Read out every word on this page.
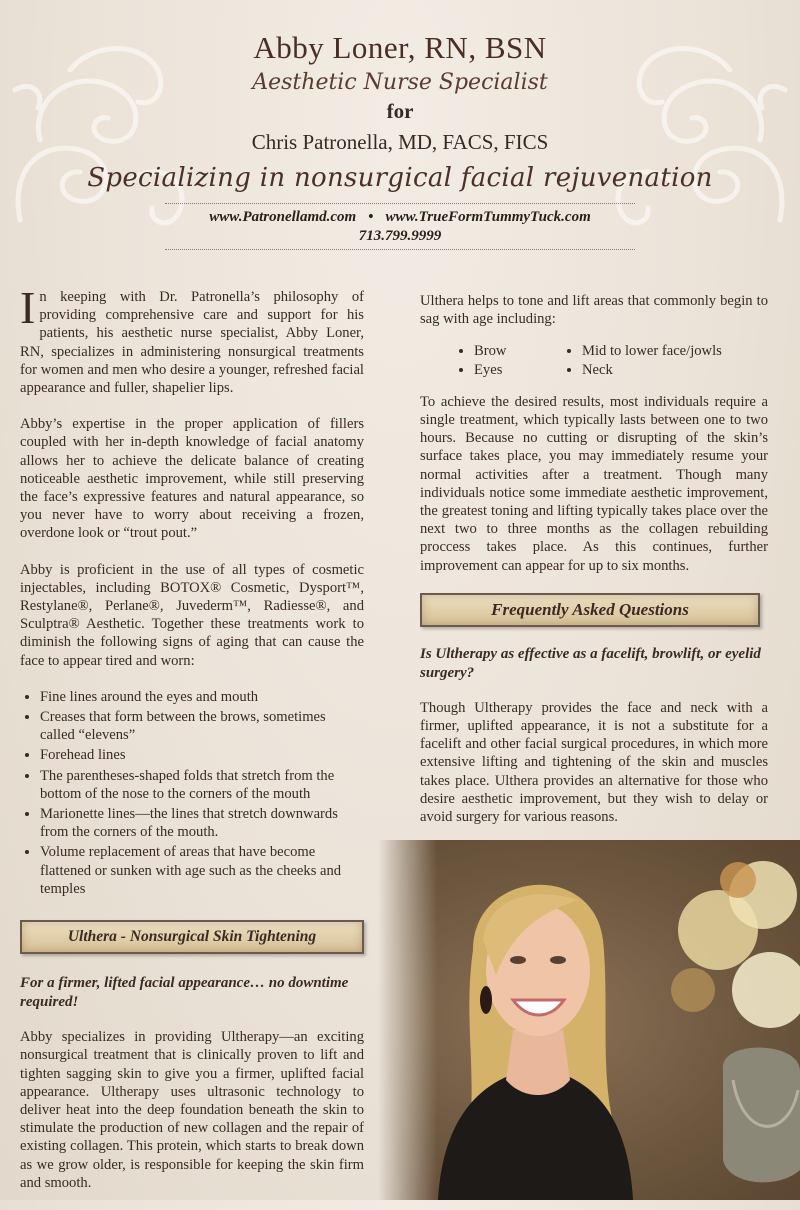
Abby Loner, RN, BSN
Aesthetic Nurse Specialist
for
Chris Patronella, MD, FACS, FICS
Specializing in nonsurgical facial rejuvenation
www.Patronellamd.com • www.TrueFormTummyTuck.com
713.799.9999

In keeping with Dr. Patronella’s philosophy of providing comprehensive care and support for his patients, his aesthetic nurse specialist, Abby Loner, RN, specializes in administering nonsurgical treatments for women and men who desire a younger, refreshed facial appearance and fuller, shapelier lips.

Abby’s expertise in the proper application of fillers coupled with her in-depth knowledge of facial anatomy allows her to achieve the delicate balance of creating noticeable aesthetic improvement, while still preserving the face’s expressive features and natural appearance, so you never have to worry about receiving a frozen, overdone look or “trout pout.”

Abby is proficient in the use of all types of cosmetic injectables, including BOTOX® Cosmetic, Dysport™, Restylane®, Perlane®, Juvederm™, Radiesse®, and Sculptra® Aesthetic. Together these treatments work to diminish the following signs of aging that can cause the face to appear tired and worn:

• Fine lines around the eyes and mouth
• Creases that form between the brows, sometimes called “elevens”
• Forehead lines
• The parentheses-shaped folds that stretch from the bottom of the nose to the corners of the mouth
• Marionette lines—the lines that stretch downwards from the corners of the mouth.
• Volume replacement of areas that have become flattened or sunken with age such as the cheeks and temples
Ulthera - Nonsurgical Skin Tightening
For a firmer, lifted facial appearance… no downtime required!

Abby specializes in providing Ultherapy—an exciting nonsurgical treatment that is clinically proven to lift and tighten sagging skin to give you a firmer, uplifted facial appearance. Ultherapy uses ultrasonic technology to deliver heat into the deep foundation beneath the skin to stimulate the production of new collagen and the repair of existing collagen. This protein, which starts to break down as we grow older, is responsible for keeping the skin firm and smooth.

Ulthera helps to tone and lift areas that commonly begin to sag with age including:

• Brow
• Eyes
• Mid to lower face/jowls
• Neck

To achieve the desired results, most individuals require a single treatment, which typically lasts between one to two hours. Because no cutting or disrupting of the skin’s surface takes place, you may immediately resume your normal activities after a treatment. Though many individuals notice some immediate aesthetic improvement, the greatest toning and lifting typically takes place over the next two to three months as the collagen rebuilding proccess takes place. As this continues, further improvement can appear for up to six months.

Frequently Asked Questions
Is Ultherapy as effective as a facelift, browlift, or eyelid surgery?

Though Ultherapy provides the face and neck with a firmer, uplifted appearance, it is not a substitute for a facelift and other facial surgical procedures, in which more extensive lifting and tightening of the skin and muscles takes place. Ulthera provides an alternative for those who desire aesthetic improvement, but they wish to delay or avoid surgery for various reasons.
